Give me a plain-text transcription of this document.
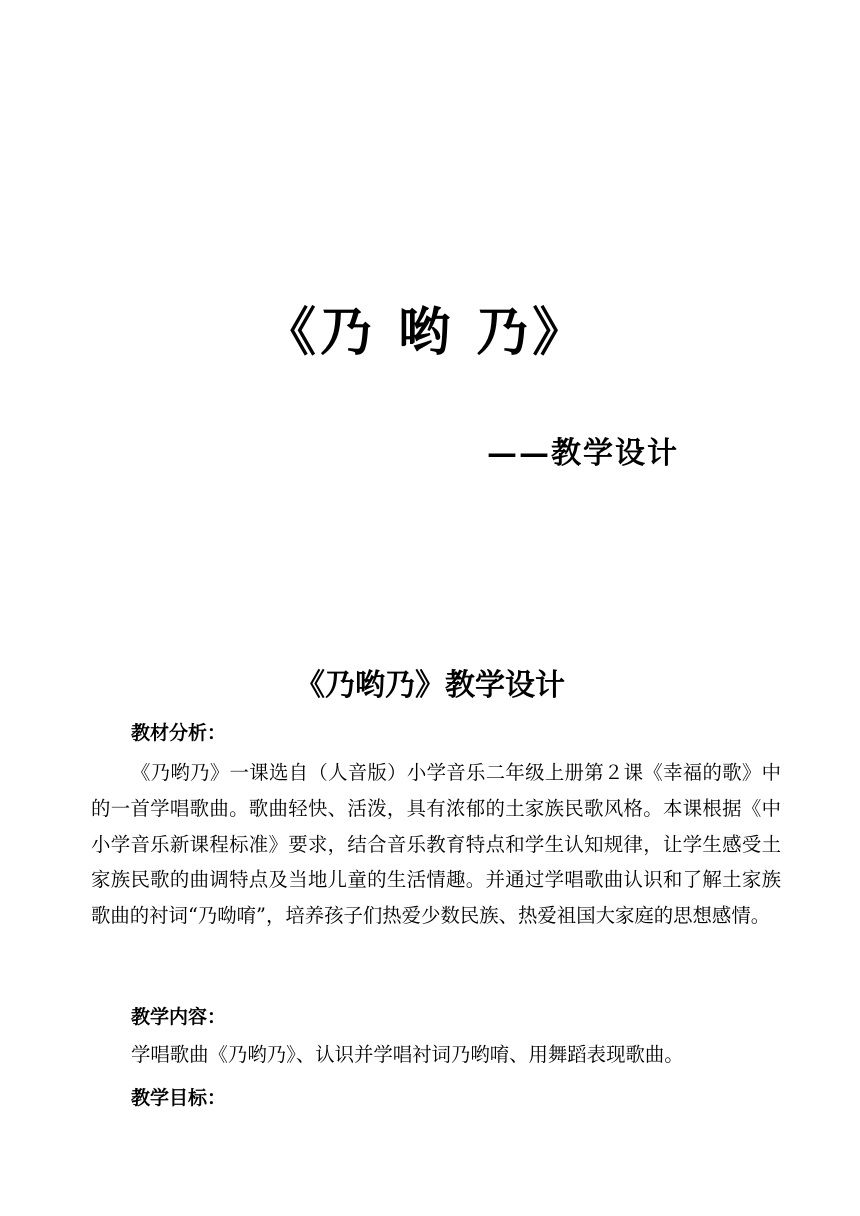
《乃 哟 乃》
——教学设计
《乃哟乃》教学设计
教材分析：
《乃哟乃》一课选自（人音版）小学音乐二年级上册第２课《幸福的歌》中的一首学唱歌曲。歌曲轻快、活泼，具有浓郁的土家族民歌风格。本课根据《中小学音乐新课程标准》要求，结合音乐教育特点和学生认知规律，让学生感受土家族民歌的曲调特点及当地儿童的生活情趣。并通过学唱歌曲认识和了解土家族歌曲的衬词“乃呦唷”，培养孩子们热爱少数民族、热爱祖国大家庭的思想感情。
教学内容：
学唱歌曲《乃哟乃》、认识并学唱衬词乃哟唷、用舞蹈表现歌曲。
教学目标：
